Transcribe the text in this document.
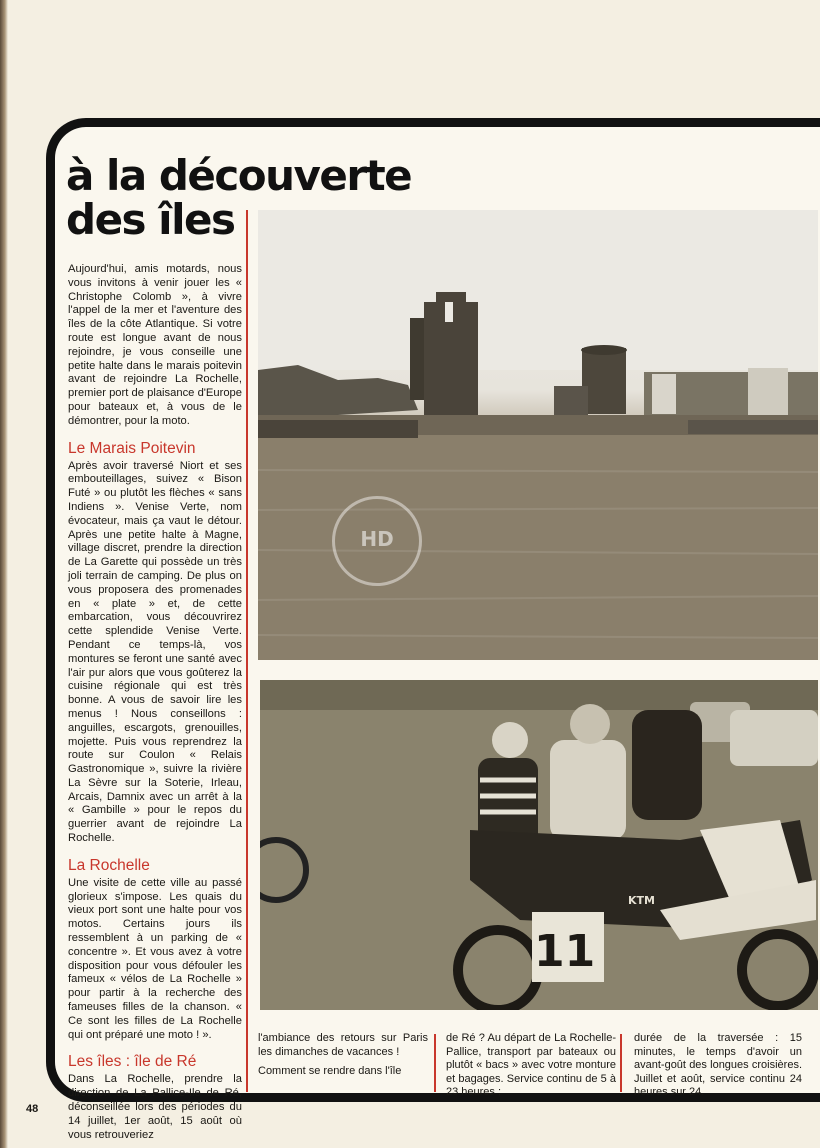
à la découverte
des îles

Aujourd'hui, amis motards, nous vous invitons à venir jouer les « Christophe Colomb », à vivre l'appel de la mer et l'aventure des îles de la côte Atlantique. Si votre route est longue avant de nous rejoindre, je vous conseille une petite halte dans le marais poitevin avant de rejoindre La Rochelle, premier port de plaisance d'Europe pour bateaux et, à vous de le démontrer, pour la moto.

Le Marais Poitevin

Après avoir traversé Niort et ses embouteillages, suivez « Bison Futé » ou plutôt les flèches « sans Indiens ». Venise Verte, nom évocateur, mais ça vaut le détour. Après une petite halte à Magne, village discret, prendre la direction de La Garette qui possède un très joli terrain de camping. De plus on vous proposera des promenades en « plate » et, de cette embarcation, vous découvrirez cette splendide Venise Verte. Pendant ce temps-là, vos montures se feront une santé avec l'air pur alors que vous goûterez la cuisine régionale qui est très bonne. A vous de savoir lire les menus ! Nous conseillons : anguilles, escargots, grenouilles, mojette. Puis vous reprendrez la route sur Coulon « Relais Gastronomique », suivre la rivière La Sèvre sur la Soterie, Irleau, Arcais, Damnix avec un arrêt à la « Gambille » pour le repos du guerrier avant de rejoindre La Rochelle.

La Rochelle

Une visite de cette ville au passé glorieux s'impose. Les quais du vieux port sont une halte pour vos motos. Certains jours ils ressemblent à un parking de « concentre ». Et vous avez à votre disposition pour vous défouler les fameux « vélos de La Rochelle » pour partir à la recherche des fameuses filles de la chanson. « Ce sont les filles de La Rochelle qui ont préparé une moto ! ».

Les îles : île de Ré

Dans La Rochelle, prendre la direction de La Pallice-Ile de Ré, déconseillée lors des périodes du 14 juillet, 1er août, 15 août où vous retrouveriez

HD
11
KTM

l'ambiance des retours sur Paris les dimanches de vacances !

Comment se rendre dans l'île

de Ré ? Au départ de La Rochelle-Pallice, transport par bateaux ou plutôt « bacs » avec votre monture et bagages. Service continu de 5 à 23 heures ;

durée de la traversée : 15 minutes, le temps d'avoir un avant-goût des longues croisières. Juillet et août, service continu 24 heures sur 24.

48
